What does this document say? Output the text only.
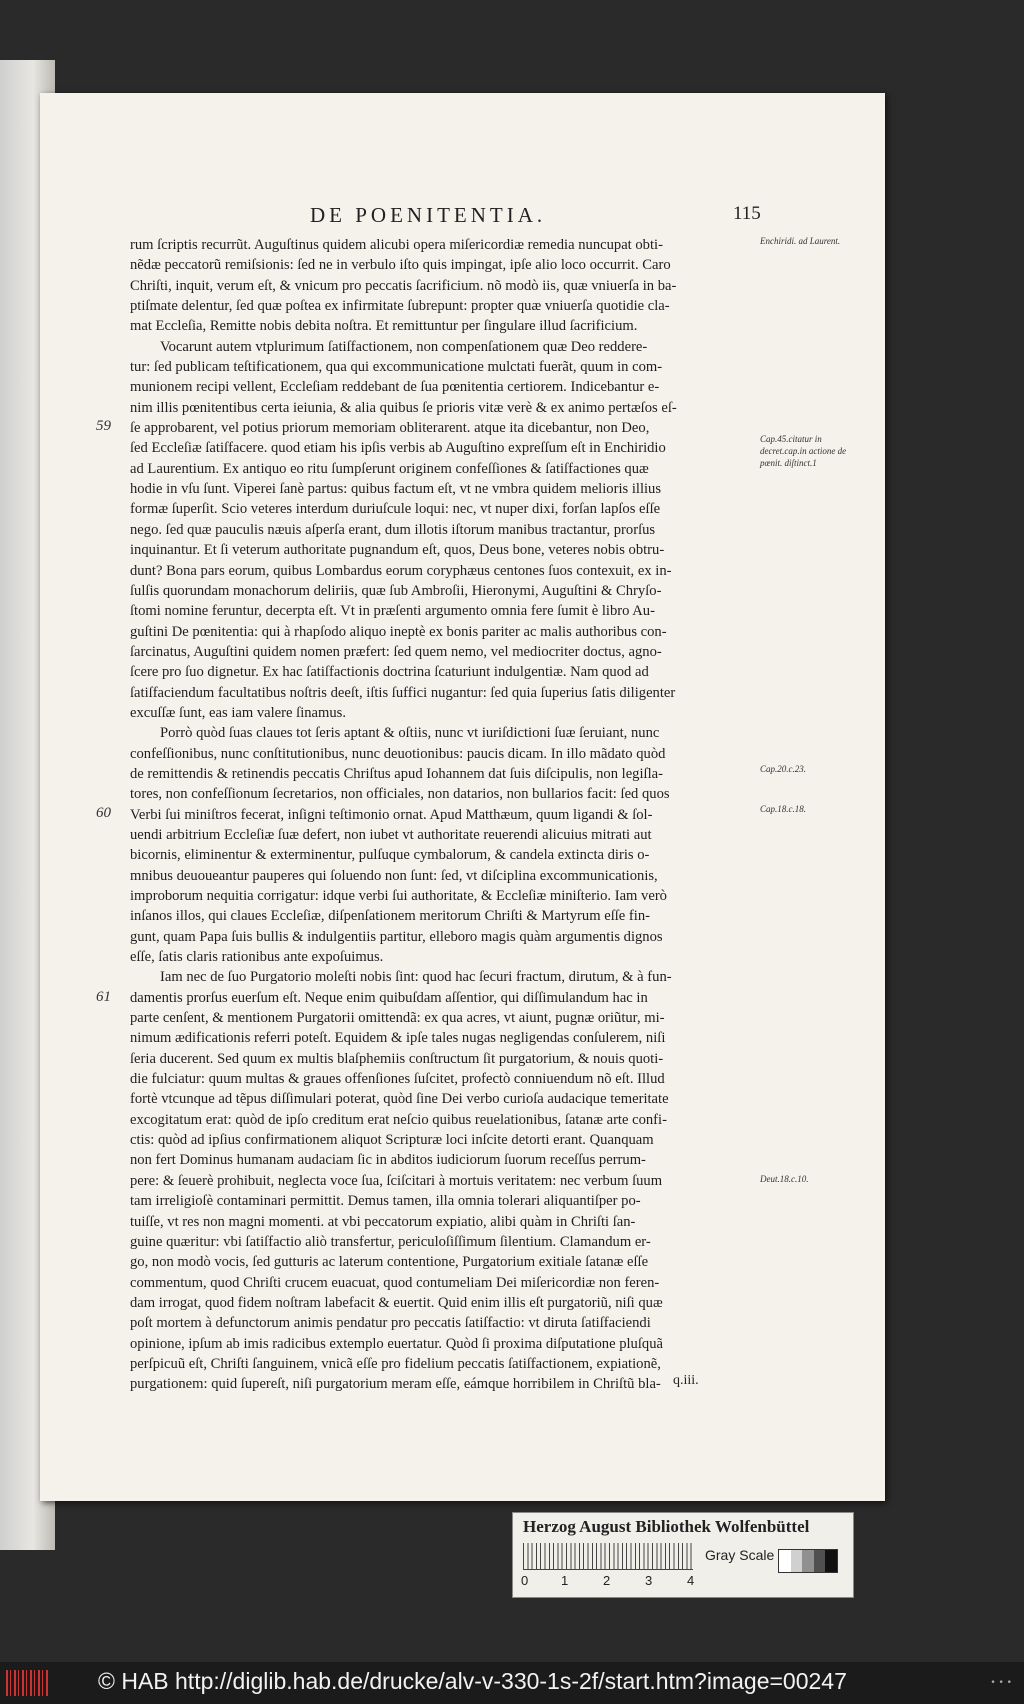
DE POENITENTIA.	115
59
60
61
Enchiridi. ad Laurent.
Cap.45.citatur in decret.cap.in actione de pœnit. diſtinct.1
Cap.20.c.23.
Cap.18.c.18.
Deut.18.c.10.
rum ſcriptis recurrũt. Auguſtinus quidem alicubi opera miſericordiæ remedia nuncupat obti-
nẽdæ peccatorũ remiſsionis: ſed ne in verbulo iſto quis impingat, ipſe alio loco occurrit. Caro
Chriſti, inquit, verum eſt, & vnicum pro peccatis ſacrificium. nõ modò iis, quæ vniuerſa in ba-
ptiſmate delentur, ſed quæ poſtea ex infirmitate ſubrepunt: propter quæ vniuerſa quotidie cla-
mat Eccleſia, Remitte nobis debita noſtra. Et remittuntur per ſingulare illud ſacrificium.
Vocarunt autem vtplurimum ſatiſfactionem, non compenſationem quæ Deo reddere-
tur: ſed publicam teſtificationem, qua qui excommunicatione mulctati fuerãt, quum in com-
munionem recipi vellent, Eccleſiam reddebant de ſua pœnitentia certiorem. Indicebantur e-
nim illis pœnitentibus certa ieiunia, & alia quibus ſe prioris vitæ verè & ex animo pertæſos eſ-
ſe approbarent, vel potius priorum memoriam obliterarent. atque ita dicebantur, non Deo,
ſed Eccleſiæ ſatiſfacere. quod etiam his ipſis verbis ab Auguſtino expreſſum eſt in Enchiridio
ad Laurentium. Ex antiquo eo ritu ſumpſerunt originem confeſſiones & ſatiſfactiones quæ
hodie in vſu ſunt. Viperei ſanè partus: quibus factum eſt, vt ne vmbra quidem melioris illius
formæ ſuperſit. Scio veteres interdum duriuſcule loqui: nec, vt nuper dixi, forſan lapſos eſſe
nego. ſed quæ pauculis næuis aſperſa erant, dum illotis iſtorum manibus tractantur, prorſus
inquinantur. Et ſi veterum authoritate pugnandum eſt, quos, Deus bone, veteres nobis obtru-
dunt? Bona pars eorum, quibus Lombardus eorum coryphæus centones ſuos contexuit, ex in-
ſulſis quorundam monachorum deliriis, quæ ſub Ambroſii, Hieronymi, Auguſtini & Chryſo-
ſtomi nomine feruntur, decerpta eſt. Vt in præſenti argumento omnia fere ſumit è libro Au-
guſtini De pœnitentia: qui à rhapſodo aliquo ineptè ex bonis pariter ac malis authoribus con-
ſarcinatus, Auguſtini quidem nomen præfert: ſed quem nemo, vel mediocriter doctus, agno-
ſcere pro ſuo dignetur. Ex hac ſatiſfactionis doctrina ſcaturiunt indulgentiæ. Nam quod ad
ſatiſfaciendum facultatibus noſtris deeſt, iſtis ſuffici nugantur: ſed quia ſuperius ſatis diligenter
excuſſæ ſunt, eas iam valere ſinamus.
Porrò quòd ſuas claues tot ſeris aptant & oſtiis, nunc vt iuriſdictioni ſuæ ſeruiant, nunc
confeſſionibus, nunc conſtitutionibus, nunc deuotionibus: paucis dicam. In illo mãdato quòd
de remittendis & retinendis peccatis Chriſtus apud Iohannem dat ſuis diſcipulis, non legiſla-
tores, non confeſſionum ſecretarios, non officiales, non datarios, non bullarios facit: ſed quos
Verbi ſui miniſtros fecerat, inſigni teſtimonio ornat. Apud Matthæum, quum ligandi & ſol-
uendi arbitrium Eccleſiæ ſuæ defert, non iubet vt authoritate reuerendi alicuius mitrati aut
bicornis, eliminentur & exterminentur, pulſuque cymbalorum, & candela extincta diris o-
mnibus deuoueantur pauperes qui ſoluendo non ſunt: ſed, vt diſciplina excommunicationis,
improborum nequitia corrigatur: idque verbi ſui authoritate, & Eccleſiæ miniſterio. Iam verò
inſanos illos, qui claues Eccleſiæ, diſpenſationem meritorum Chriſti & Martyrum eſſe fin-
gunt, quam Papa ſuis bullis & indulgentiis partitur, elleboro magis quàm argumentis dignos
eſſe, ſatis claris rationibus ante expoſuimus.
Iam nec de ſuo Purgatorio moleſti nobis ſint: quod hac ſecuri fractum, dirutum, & à fun-
damentis prorſus euerſum eſt. Neque enim quibuſdam aſſentior, qui diſſimulandum hac in
parte cenſent, & mentionem Purgatorii omittendã: ex qua acres, vt aiunt, pugnæ oriũtur, mi-
nimum ædificationis referri poteſt. Equidem & ipſe tales nugas negligendas conſulerem, niſi
ſeria ducerent. Sed quum ex multis blaſphemiis conſtructum ſit purgatorium, & nouis quoti-
die fulciatur: quum multas & graues offenſiones ſuſcitet, profectò conniuendum nõ eſt. Illud
fortè vtcunque ad tẽpus diſſimulari poterat, quòd ſine Dei verbo curioſa audacique temeritate
excogitatum erat: quòd de ipſo creditum erat neſcio quibus reuelationibus, ſatanæ arte confi-
ctis: quòd ad ipſius confirmationem aliquot Scripturæ loci inſcite detorti erant. Quanquam
non fert Dominus humanam audaciam ſic in abditos iudiciorum ſuorum receſſus perrum-
pere: & ſeuerè prohibuit, neglecta voce ſua, ſciſcitari à mortuis veritatem: nec verbum ſuum
tam irreligioſè contaminari permittit. Demus tamen, illa omnia tolerari aliquantiſper po-
tuiſſe, vt res non magni momenti. at vbi peccatorum expiatio, alibi quàm in Chriſti ſan-
guine quæritur: vbi ſatiſfactio aliò transfertur, periculoſiſſimum ſilentium. Clamandum er-
go, non modò vocis, ſed gutturis ac laterum contentione, Purgatorium exitiale ſatanæ eſſe
commentum, quod Chriſti crucem euacuat, quod contumeliam Dei miſericordiæ non feren-
dam irrogat, quod fidem noſtram labefacit & euertit. Quid enim illis eſt purgatoriũ, niſi quæ
poſt mortem à defunctorum animis pendatur pro peccatis ſatiſfactio: vt diruta ſatiſfaciendi
opinione, ipſum ab imis radicibus extemplo euertatur. Quòd ſi proxima diſputatione pluſquã
perſpicuũ eſt, Chriſti ſanguinem, vnicã eſſe pro fidelium peccatis ſatiſfactionem, expiationẽ,
purgationem: quid ſupereſt, niſi purgatorium meram eſſe, eámque horribilem in Chriſtũ bla- q.iii.
Herzog August Bibliothek Wolfenbüttel
0	1	2	3	4
Gray Scale
© HAB http://diglib.hab.de/drucke/alv-v-330-1s-2f/start.htm?image=00247	• • •
